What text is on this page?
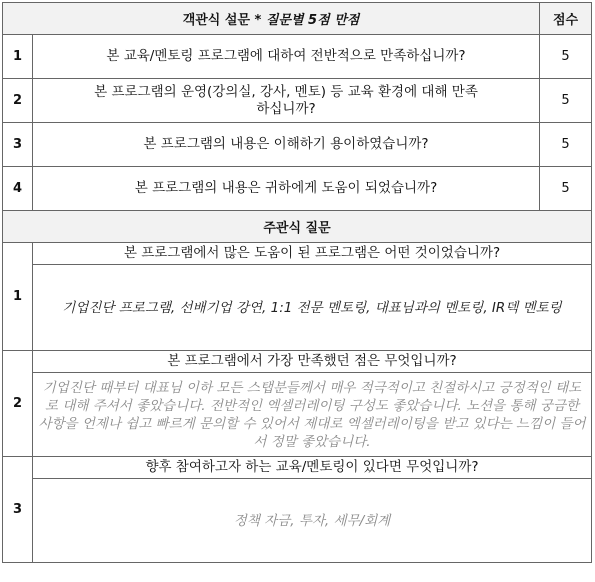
객관식 설문 * 질문별 5점 만점		점수
1	본 교육/멘토링 프로그램에 대하여 전반적으로 만족하십니까?	5
2	본 프로그램의 운영(강의실, 강사, 멘토) 등 교육 환경에 대해 만족하십니까?	5
3	본 프로그램의 내용은 이해하기 용이하였습니까?	5
4	본 프로그램의 내용은 귀하에게 도움이 되었습니까?	5
주관식 질문		
1	본 프로그램에서 많은 도움이 된 프로그램은 어떤 것이었습니까?	
	기업진단 프로그램, 선배기업 강연, 1:1 전문 멘토링, 대표님과의 멘토링, IR덱 멘토링	
2	본 프로그램에서 가장 만족했던 점은 무엇입니까?	
	기업진단 때부터 대표님 이하 모든 스탭분들께서 매우 적극적이고 친절하시고 긍정적인 태도로 대해 주셔서 좋았습니다. 전반적인 엑셀러레이팅 구성도 좋았습니다. 노션을 통해 궁금한 사항을 언제나 쉽고 빠르게 문의할 수 있어서 제대로 엑셀러레이팅을 받고 있다는 느낌이 들어서 정말 좋았습니다.	
3	향후 참여하고자 하는 교육/멘토링이 있다면 무엇입니까?	
	정책 자금, 투자, 세무/회계	
